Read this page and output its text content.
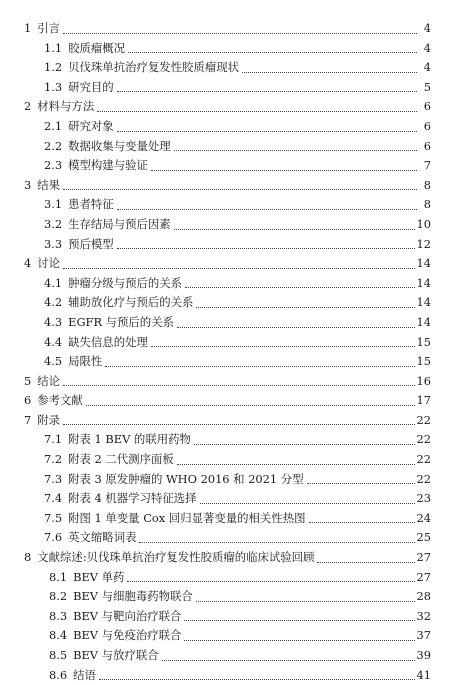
1 引言	4
1.1 胶质瘤概况	4
1.2 贝伐珠单抗治疗复发性胶质瘤现状	4
1.3 研究目的	5
2 材料与方法	6
2.1 研究对象	6
2.2 数据收集与变量处理	6
2.3 模型构建与验证	7
3 结果	8
3.1 患者特征	8
3.2 生存结局与预后因素	10
3.3 预后模型	12
4 讨论	14
4.1 肿瘤分级与预后的关系	14
4.2 辅助放化疗与预后的关系	14
4.3 EGFR 与预后的关系	14
4.4 缺失信息的处理	15
4.5 局限性	15
5 结论	16
6 参考文献	17
7 附录	22
7.1 附表 1 BEV 的联用药物	22
7.2 附表 2 二代测序面板	22
7.3 附表 3 原发肿瘤的 WHO 2016 和 2021 分型	22
7.4 附表 4 机器学习特征选择	23
7.5 附图 1 单变量 Cox 回归显著变量的相关性热图	24
7.6 英文缩略词表	25
8 文献综述:贝伐珠单抗治疗复发性胶质瘤的临床试验回顾	27
8.1 BEV 单药	27
8.2 BEV 与细胞毒药物联合	28
8.3 BEV 与靶向治疗联合	32
8.4 BEV 与免疫治疗联合	37
8.5 BEV 与放疗联合	39
8.6 结语	41
